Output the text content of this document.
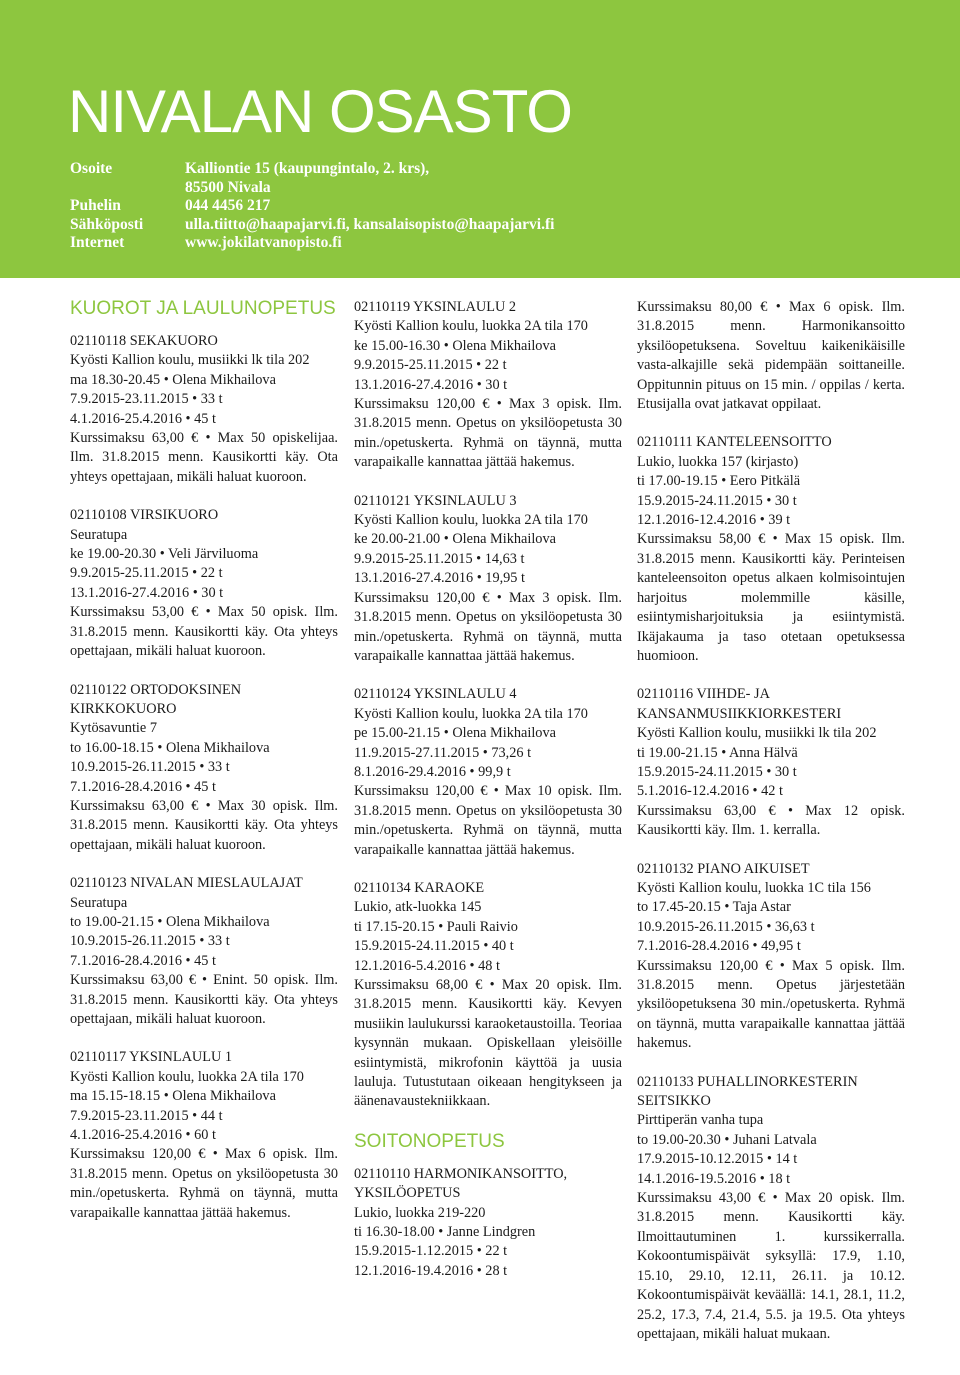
NIVALAN OSASTO
Osoite	Kalliontie 15 (kaupungintalo, 2. krs),
85500 Nivala
Puhelin	044 4456 217
Sähköposti	ulla.tiitto@haapajarvi.fi, kansalaisopisto@haapajarvi.fi
Internet	www.jokilatvanopisto.fi
KUOROT JA LAULUNOPETUS
02110118 SEKAKUORO
Kyösti Kallion koulu, musiikki lk tila 202
ma 18.30-20.45 • Olena Mikhailova
7.9.2015-23.11.2015 • 33 t
4.1.2016-25.4.2016 • 45 t
Kurssimaksu 63,00 € • Max 50 opiskelijaa. Ilm. 31.8.2015 menn. Kausikortti käy. Ota yhteys opettajaan, mikäli haluat kuoroon.
02110108 VIRSIKUORO
Seuratupa
ke 19.00-20.30 • Veli Järviluoma
9.9.2015-25.11.2015 • 22 t
13.1.2016-27.4.2016 • 30 t
Kurssimaksu 53,00 € • Max 50 opisk. Ilm. 31.8.2015 menn. Kausikortti käy. Ota yhteys opettajaan, mikäli haluat kuoroon.
02110122 ORTODOKSINEN KIRKKOKUORO
Kytösavuntie 7
to 16.00-18.15 • Olena Mikhailova
10.9.2015-26.11.2015 • 33 t
7.1.2016-28.4.2016 • 45 t
Kurssimaksu 63,00 € • Max 30 opisk. Ilm. 31.8.2015 menn. Kausikortti käy. Ota yhteys opettajaan, mikäli haluat kuoroon.
02110123 NIVALAN MIESLAULAJAT
Seuratupa
to 19.00-21.15 • Olena Mikhailova
10.9.2015-26.11.2015 • 33 t
7.1.2016-28.4.2016 • 45 t
Kurssimaksu 63,00 € • Enint. 50 opisk. Ilm. 31.8.2015 menn. Kausikortti käy. Ota yhteys opettajaan, mikäli haluat kuoroon.
02110117 YKSINLAULU 1
Kyösti Kallion koulu, luokka 2A tila 170
ma 15.15-18.15 • Olena Mikhailova
7.9.2015-23.11.2015 • 44 t
4.1.2016-25.4.2016 • 60 t
Kurssimaksu 120,00 € • Max 6 opisk. Ilm. 31.8.2015 menn. Opetus on yksilöopetusta 30 min./opetuskerta. Ryhmä on täynnä, mutta varapaikalle kannattaa jättää hakemus.
02110119 YKSINLAULU 2
Kyösti Kallion koulu, luokka 2A tila 170
ke 15.00-16.30 • Olena Mikhailova
9.9.2015-25.11.2015 • 22 t
13.1.2016-27.4.2016 • 30 t
Kurssimaksu 120,00 € • Max 3 opisk. Ilm. 31.8.2015 menn. Opetus on yksilöopetusta 30 min./opetuskerta. Ryhmä on täynnä, mutta varapaikalle kannattaa jättää hakemus.
02110121 YKSINLAULU 3
Kyösti Kallion koulu, luokka 2A tila 170
ke 20.00-21.00 • Olena Mikhailova
9.9.2015-25.11.2015 • 14,63 t
13.1.2016-27.4.2016 • 19,95 t
Kurssimaksu 120,00 € • Max 3 opisk. Ilm. 31.8.2015 menn. Opetus on yksilöopetusta 30 min./opetuskerta. Ryhmä on täynnä, mutta varapaikalle kannattaa jättää hakemus.
02110124 YKSINLAULU 4
Kyösti Kallion koulu, luokka 2A tila 170
pe 15.00-21.15 • Olena Mikhailova
11.9.2015-27.11.2015 • 73,26 t
8.1.2016-29.4.2016 • 99,9 t
Kurssimaksu 120,00 € • Max 10 opisk. Ilm. 31.8.2015 menn. Opetus on yksilöopetusta 30 min./opetuskerta. Ryhmä on täynnä, mutta varapaikalle kannattaa jättää hakemus.
02110134 KARAOKE
Lukio, atk-luokka 145
ti 17.15-20.15 • Pauli Raivio
15.9.2015-24.11.2015 • 40 t
12.1.2016-5.4.2016 • 48 t
Kurssimaksu 68,00 € • Max 20 opisk. Ilm. 31.8.2015 menn. Kausikortti käy. Kevyen musiikin laulukurssi karaoketaustoilla. Teoriaa kysynnän mukaan. Opiskellaan yleisöille esiintymistä, mikrofonin käyttöä ja uusia lauluja. Tutustutaan oikeaan hengitykseen ja äänenavaustekniikkaan.
SOITONOPETUS
02110110 HARMONIKANSOITTO, YKSILÖOPETUS
Lukio, luokka 219-220
ti 16.30-18.00 • Janne Lindgren
15.9.2015-1.12.2015 • 22 t
12.1.2016-19.4.2016 • 28 t
Kurssimaksu 80,00 € • Max 6 opisk. Ilm. 31.8.2015 menn. Harmonikansoitto yksilöopetuksena. Soveltuu kaikenikäisille vasta-alkajille sekä pidempään soittaneille. Oppitunnin pituus on 15 min. / oppilas / kerta. Etusijalla ovat jatkavat oppilaat.
02110111 KANTELEENSOITTO
Lukio, luokka 157 (kirjasto)
ti 17.00-19.15 • Eero Pitkälä
15.9.2015-24.11.2015 • 30 t
12.1.2016-12.4.2016 • 39 t
Kurssimaksu 58,00 € • Max 15 opisk. Ilm. 31.8.2015 menn. Kausikortti käy. Perinteisen kanteleensoiton opetus alkaen kolmisointujen harjoitus molemmille käsille, esiintymisharjoituksia ja esiintymistä. Ikäjakauma ja taso otetaan opetuksessa huomioon.
02110116 VIIHDE- JA KANSANMUSIIKKIORKESTERI
Kyösti Kallion koulu, musiikki lk tila 202
ti 19.00-21.15 • Anna Hälvä
15.9.2015-24.11.2015 • 30 t
5.1.2016-12.4.2016 • 42 t
Kurssimaksu 63,00 € • Max 12 opisk. Kausikortti käy. Ilm. 1. kerralla.
02110132 PIANO AIKUISET
Kyösti Kallion koulu, luokka 1C tila 156
to 17.45-20.15 • Taja Astar
10.9.2015-26.11.2015 • 36,63 t
7.1.2016-28.4.2016 • 49,95 t
Kurssimaksu 120,00 € • Max 5 opisk. Ilm. 31.8.2015 menn. Opetus järjestetään yksilöopetuksena 30 min./opetuskerta. Ryhmä on täynnä, mutta varapaikalle kannattaa jättää hakemus.
02110133 PUHALLINORKESTERIN SEITSIKKO
Pirttiperän vanha tupa
to 19.00-20.30 • Juhani Latvala
17.9.2015-10.12.2015 • 14 t
14.1.2016-19.5.2016 • 18 t
Kurssimaksu 43,00 € • Max 20 opisk. Ilm. 31.8.2015 menn. Kausikortti käy. Ilmoittautuminen 1. kurssikerralla. Kokoontumispäivät syksyllä: 17.9, 1.10, 15.10, 29.10, 12.11, 26.11. ja 10.12. Kokoontumispäivät keväällä: 14.1, 28.1, 11.2, 25.2, 17.3, 7.4, 21.4, 5.5. ja 19.5. Ota yhteys opettajaan, mikäli haluat mukaan.
